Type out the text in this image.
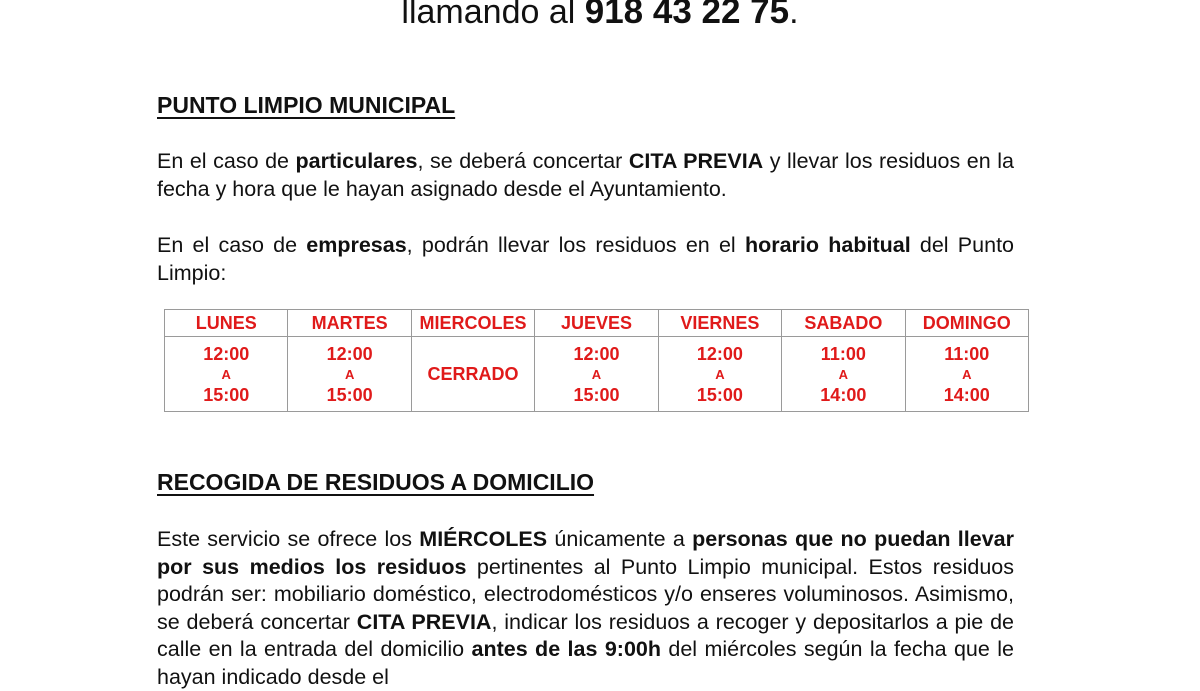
llamando al 918 43 22 75.
PUNTO LIMPIO MUNICIPAL
En el caso de particulares, se deberá concertar CITA PREVIA y llevar los residuos en la fecha y hora que le hayan asignado desde el Ayuntamiento.
En el caso de empresas, podrán llevar los residuos en el horario habitual del Punto Limpio:
LUNES	MARTES	MIERCOLES	JUEVES	VIERNES	SABADO	DOMINGO

12:00
A
15:00	12:00
A
15:00	CERRADO	12:00
A
15:00	12:00
A
15:00	11:00
A
14:00	11:00
A
14:00
RECOGIDA DE RESIDUOS A DOMICILIO
Este servicio se ofrece los MIÉRCOLES únicamente a personas que no puedan llevar por sus medios los residuos pertinentes al Punto Limpio municipal. Estos residuos podrán ser: mobiliario doméstico, electrodomésticos y/o enseres voluminosos. Asimismo, se deberá concertar CITA PREVIA, indicar los residuos a recoger y depositarlos a pie de calle en la entrada del domicilio antes de las 9:00h del miércoles según la fecha que le hayan indicado desde el
